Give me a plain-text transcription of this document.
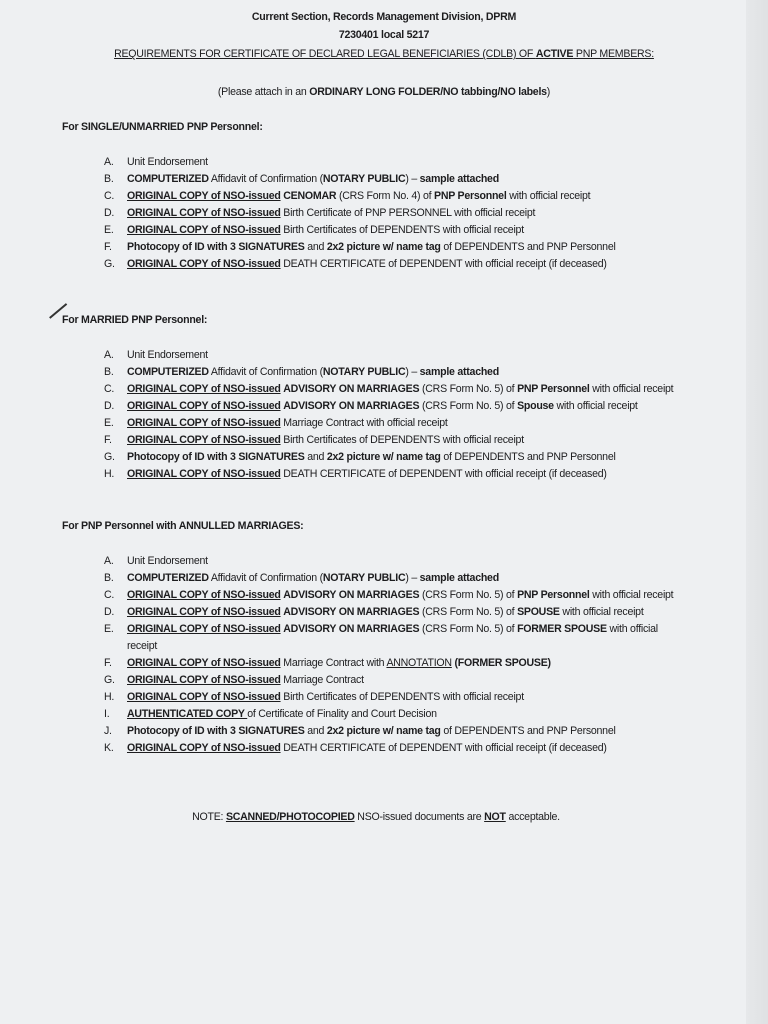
Current Section, Records Management Division, DPRM
7230401 local 5217
REQUIREMENTS FOR CERTIFICATE OF DECLARED LEGAL BENEFICIARIES (CDLB) OF ACTIVE PNP MEMBERS:
(Please attach in an ORDINARY LONG FOLDER/NO tabbing/NO labels)
For SINGLE/UNMARRIED PNP Personnel:
A. Unit Endorsement
B. COMPUTERIZED Affidavit of Confirmation (NOTARY PUBLIC) – sample attached
C. ORIGINAL COPY of NSO-issued CENOMAR (CRS Form No. 4) of PNP Personnel with official receipt
D. ORIGINAL COPY of NSO-issued Birth Certificate of PNP PERSONNEL with official receipt
E. ORIGINAL COPY of NSO-issued Birth Certificates of DEPENDENTS with official receipt
F. Photocopy of ID with 3 SIGNATURES and 2x2 picture w/ name tag of DEPENDENTS and PNP Personnel
G. ORIGINAL COPY of NSO-issued DEATH CERTIFICATE of DEPENDENT with official receipt (if deceased)
For MARRIED PNP Personnel:
A. Unit Endorsement
B. COMPUTERIZED Affidavit of Confirmation (NOTARY PUBLIC) – sample attached
C. ORIGINAL COPY of NSO-issued ADVISORY ON MARRIAGES (CRS Form No. 5) of PNP Personnel with official receipt
D. ORIGINAL COPY of NSO-issued ADVISORY ON MARRIAGES (CRS Form No. 5) of Spouse with official receipt
E. ORIGINAL COPY of NSO-issued Marriage Contract with official receipt
F. ORIGINAL COPY of NSO-issued Birth Certificates of DEPENDENTS with official receipt
G. Photocopy of ID with 3 SIGNATURES and 2x2 picture w/ name tag of DEPENDENTS and PNP Personnel
H. ORIGINAL COPY of NSO-issued DEATH CERTIFICATE of DEPENDENT with official receipt (if deceased)
For PNP Personnel with ANNULLED MARRIAGES:
A. Unit Endorsement
B. COMPUTERIZED Affidavit of Confirmation (NOTARY PUBLIC) – sample attached
C. ORIGINAL COPY of NSO-issued ADVISORY ON MARRIAGES (CRS Form No. 5) of PNP Personnel with official receipt
D. ORIGINAL COPY of NSO-issued ADVISORY ON MARRIAGES (CRS Form No. 5) of SPOUSE with official receipt
E. ORIGINAL COPY of NSO-issued ADVISORY ON MARRIAGES (CRS Form No. 5) of FORMER SPOUSE with official receipt
F. ORIGINAL COPY of NSO-issued Marriage Contract with ANNOTATION (FORMER SPOUSE)
G. ORIGINAL COPY of NSO-issued Marriage Contract
H. ORIGINAL COPY of NSO-issued Birth Certificates of DEPENDENTS with official receipt
I. AUTHENTICATED COPY of Certificate of Finality and Court Decision
J. Photocopy of ID with 3 SIGNATURES and 2x2 picture w/ name tag of DEPENDENTS and PNP Personnel
K. ORIGINAL COPY of NSO-issued DEATH CERTIFICATE of DEPENDENT with official receipt (if deceased)
NOTE: SCANNED/PHOTOCOPIED NSO-issued documents are NOT acceptable.
